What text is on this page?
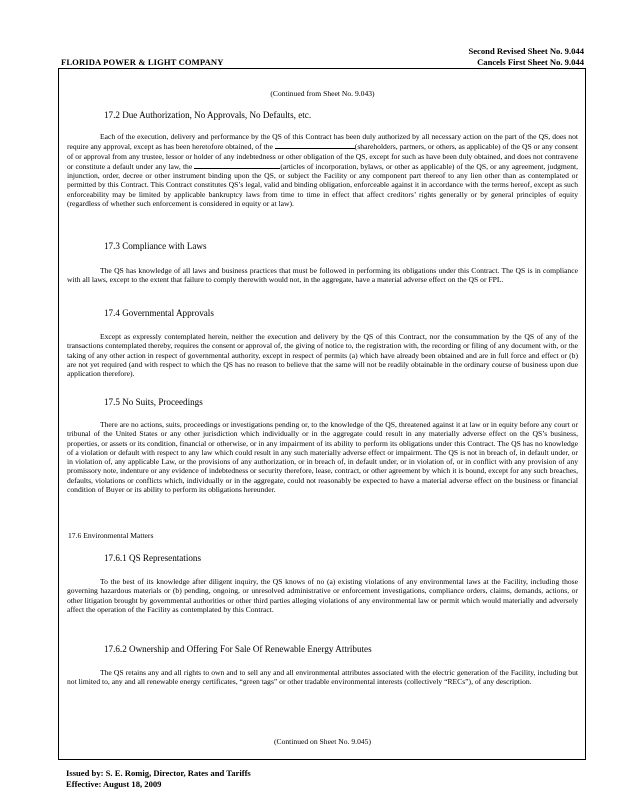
FLORIDA POWER & LIGHT COMPANY
Second Revised Sheet No. 9.044
Cancels First Sheet No. 9.044
(Continued from Sheet No. 9.043)
17.2 Due Authorization, No Approvals, No Defaults, etc.

Each of the execution, delivery and performance by the QS of this Contract has been duly authorized by all necessary action on the part of the QS, does not require any approval, except as has been heretofore obtained, of the	(shareholders, partners, or others, as applicable) of the QS or any consent of or approval from any trustee, lessor or holder of any indebtedness or other obligation of the QS, except for such as have been duly obtained, and does not contravene or constitute a default under any law, the	(articles of incorporation, bylaws, or other as applicable) of the QS, or any agreement, judgment, injunction, order, decree or other instrument binding upon the QS, or subject the Facility or any component part thereof to any lien other than as contemplated or permitted by this Contract. This Contract constitutes QS’s legal, valid and binding obligation, enforceable against it in accordance with the terms hereof, except as such enforceability may be limited by applicable bankruptcy laws from time to time in effect that affect creditors’ rights generally or by general principles of equity (regardless of whether such enforcement is considered in equity or at law).

17.3 Compliance with Laws

The QS has knowledge of all laws and business practices that must be followed in performing its obligations under this Contract. The QS is in compliance with all laws, except to the extent that failure to comply therewith would not, in the aggregate, have a material adverse effect on the QS or FPL.

17.4 Governmental Approvals

Except as expressly contemplated herein, neither the execution and delivery by the QS of this Contract, nor the consummation by the QS of any of the transactions contemplated thereby, requires the consent or approval of, the giving of notice to, the registration with, the recording or filing of any document with, or the taking of any other action in respect of governmental authority, except in respect of permits (a) which have already been obtained and are in full force and effect or (b) are not yet required (and with respect to which the QS has no reason to believe that the same will not be readily obtainable in the ordinary course of business upon due application therefore).

17.5 No Suits, Proceedings

There are no actions, suits, proceedings or investigations pending or, to the knowledge of the QS, threatened against it at law or in equity before any court or tribunal of the United States or any other jurisdiction which individually or in the aggregate could result in any materially adverse effect on the QS’s business, properties, or assets or its condition, financial or otherwise, or in any impairment of its ability to perform its obligations under this Contract. The QS has no knowledge of a violation or default with respect to any law which could result in any such materially adverse effect or impairment. The QS is not in breach of, in default under, or in violation of, any applicable Law, or the provisions of any authorization, or in breach of, in default under, or in violation of, or in conflict with any provision of any promissory note, indenture or any evidence of indebtedness or security therefore, lease, contract, or other agreement by which it is bound, except for any such breaches, defaults, violations or conflicts which, individually or in the aggregate, could not reasonably be expected to have a material adverse effect on the business or financial condition of Buyer or its ability to perform its obligations hereunder.

17.6 Environmental Matters
17.6.1 QS Representations

To the best of its knowledge after diligent inquiry, the QS knows of no (a) existing violations of any environmental laws at the Facility, including those governing hazardous materials or (b) pending, ongoing, or unresolved administrative or enforcement investigations, compliance orders, claims, demands, actions, or other litigation brought by governmental authorities or other third parties alleging violations of any environmental law or permit which would materially and adversely affect the operation of the Facility as contemplated by this Contract.

17.6.2 Ownership and Offering For Sale Of Renewable Energy Attributes

The QS retains any and all rights to own and to sell any and all environmental attributes associated with the electric generation of the Facility, including but not limited to, any and all renewable energy certificates, “green tags” or other tradable environmental interests (collectively “RECs”), of any description.

(Continued on Sheet No. 9.045)
Issued by: S. E. Romig, Director, Rates and Tariffs
Effective: August 18, 2009
